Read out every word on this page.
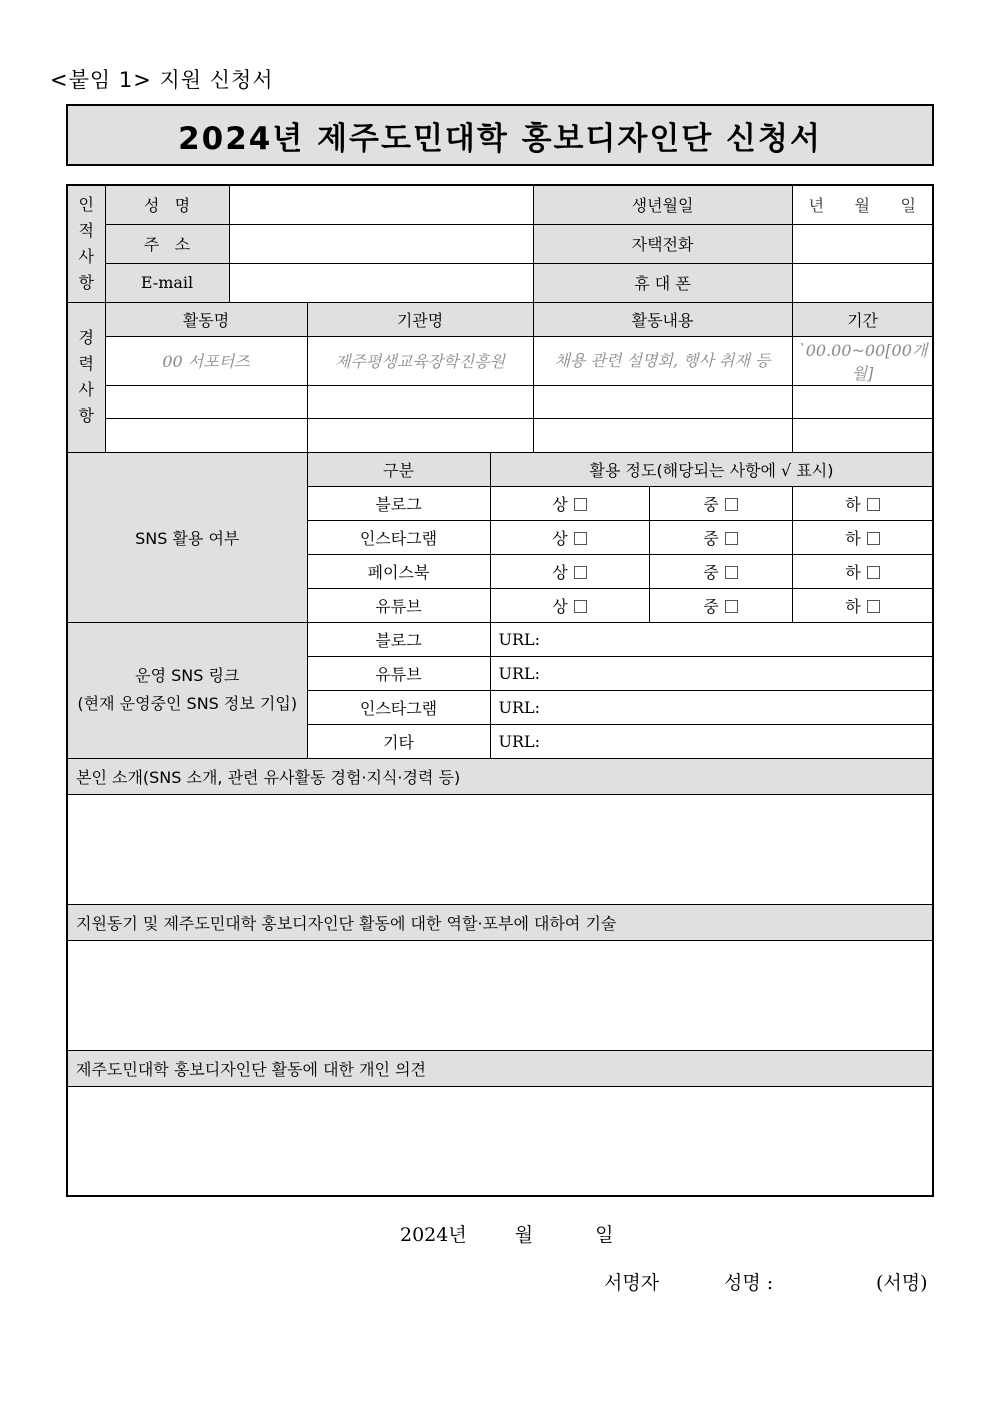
<붙임 1> 지원 신청서
2024년 제주도민대학 홍보디자인단 신청서
인
적
사
항	성   명				생년월일		년      월      일
	주   소				자택전화		
	E-mail				휴 대 폰		
경
력
사
항	활동명		기관명		활동내용		기간
	00 서포터즈		제주평생교육장학진흥원		채용 관련 설명회, 행사 취재 등		`00.00~00[00개월]

SNS 활용 여부			구분	활용 정도(해당되는 사항에 √ 표시)			
			블로그	상		중	하
			인스타그램	상		중	하
			페이스북	상		중	하
			유튜브	상		중	하
운영 SNS 링크
(현재 운영중인 SNS 정보 기입)			블로그	URL:			
			유튜브	URL:			
			인스타그램	URL:			
			기타	URL:			
본인 소개(SNS 소개, 관련 유사활동 경험·지식·경력 등)							

지원동기 및 제주도민대학 홍보디자인단 활동에 대한 역할·포부에 대하여 기술							

제주도민대학 홍보디자인단 활동에 대한 개인 의견							

2024년	월	일
서명자	성명 :	(서명)
